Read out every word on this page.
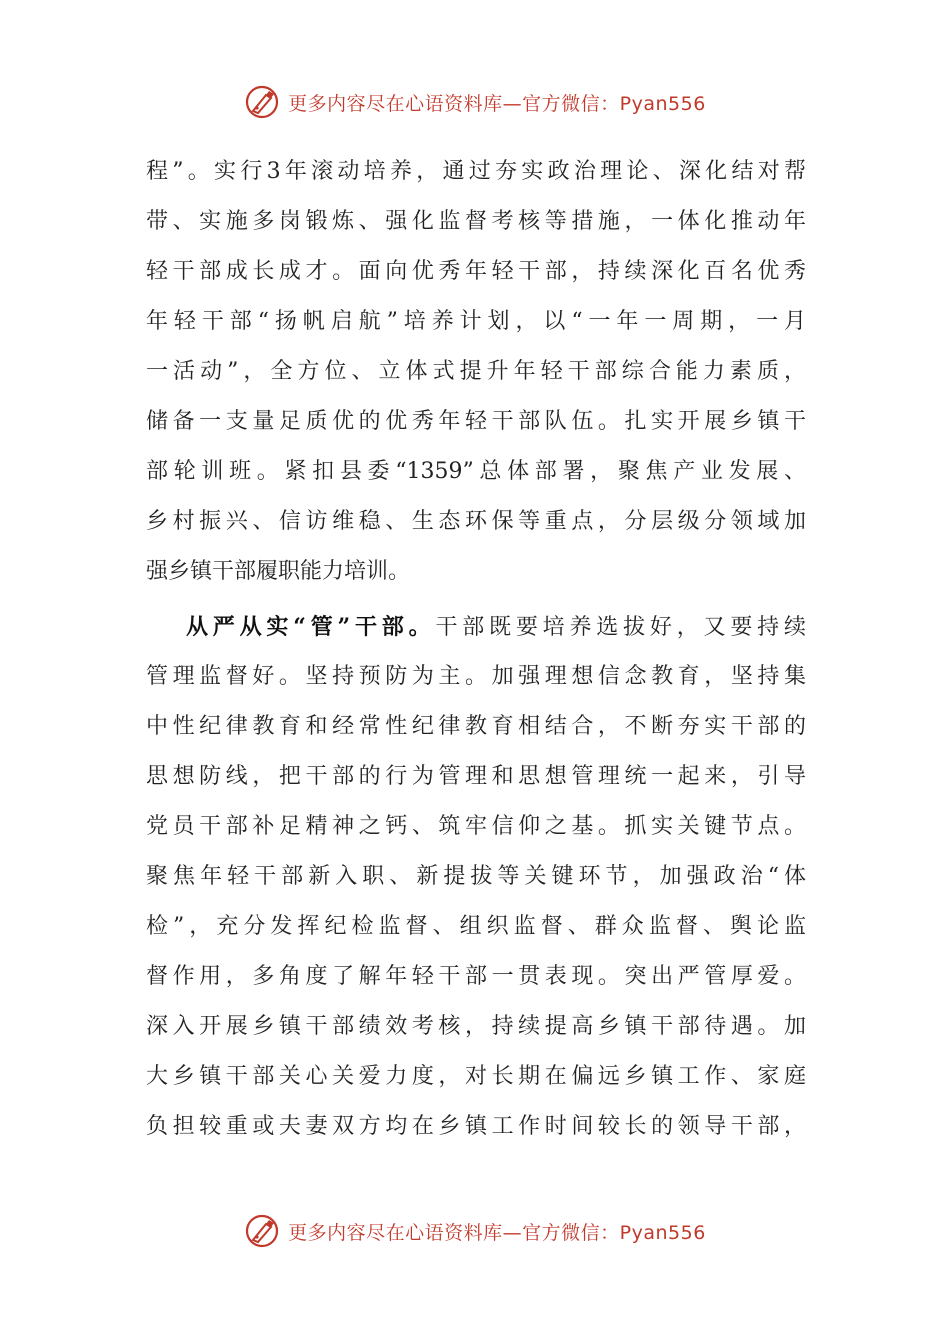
更多内容尽在心语资料库—官方微信：Pyan556
程”。实行3年滚动培养，通过夯实政治理论、深化结对帮
带、实施多岗锻炼、强化监督考核等措施，一体化推动年
轻干部成长成才。面向优秀年轻干部，持续深化百名优秀
年轻干部“扬帆启航”培养计划，以“一年一周期，一月
一活动”，全方位、立体式提升年轻干部综合能力素质，
储备一支量足质优的优秀年轻干部队伍。扎实开展乡镇干
部轮训班。紧扣县委“1359”总体部署，聚焦产业发展、
乡村振兴、信访维稳、生态环保等重点，分层级分领域加
强乡镇干部履职能力培训。
从严从实“管”干部。干部既要培养选拔好，又要持续
管理监督好。坚持预防为主。加强理想信念教育，坚持集
中性纪律教育和经常性纪律教育相结合，不断夯实干部的
思想防线，把干部的行为管理和思想管理统一起来，引导
党员干部补足精神之钙、筑牢信仰之基。抓实关键节点。
聚焦年轻干部新入职、新提拔等关键环节，加强政治“体
检”，充分发挥纪检监督、组织监督、群众监督、舆论监
督作用，多角度了解年轻干部一贯表现。突出严管厚爱。
深入开展乡镇干部绩效考核，持续提高乡镇干部待遇。加
大乡镇干部关心关爱力度，对长期在偏远乡镇工作、家庭
负担较重或夫妻双方均在乡镇工作时间较长的领导干部，
更多内容尽在心语资料库—官方微信：Pyan556
